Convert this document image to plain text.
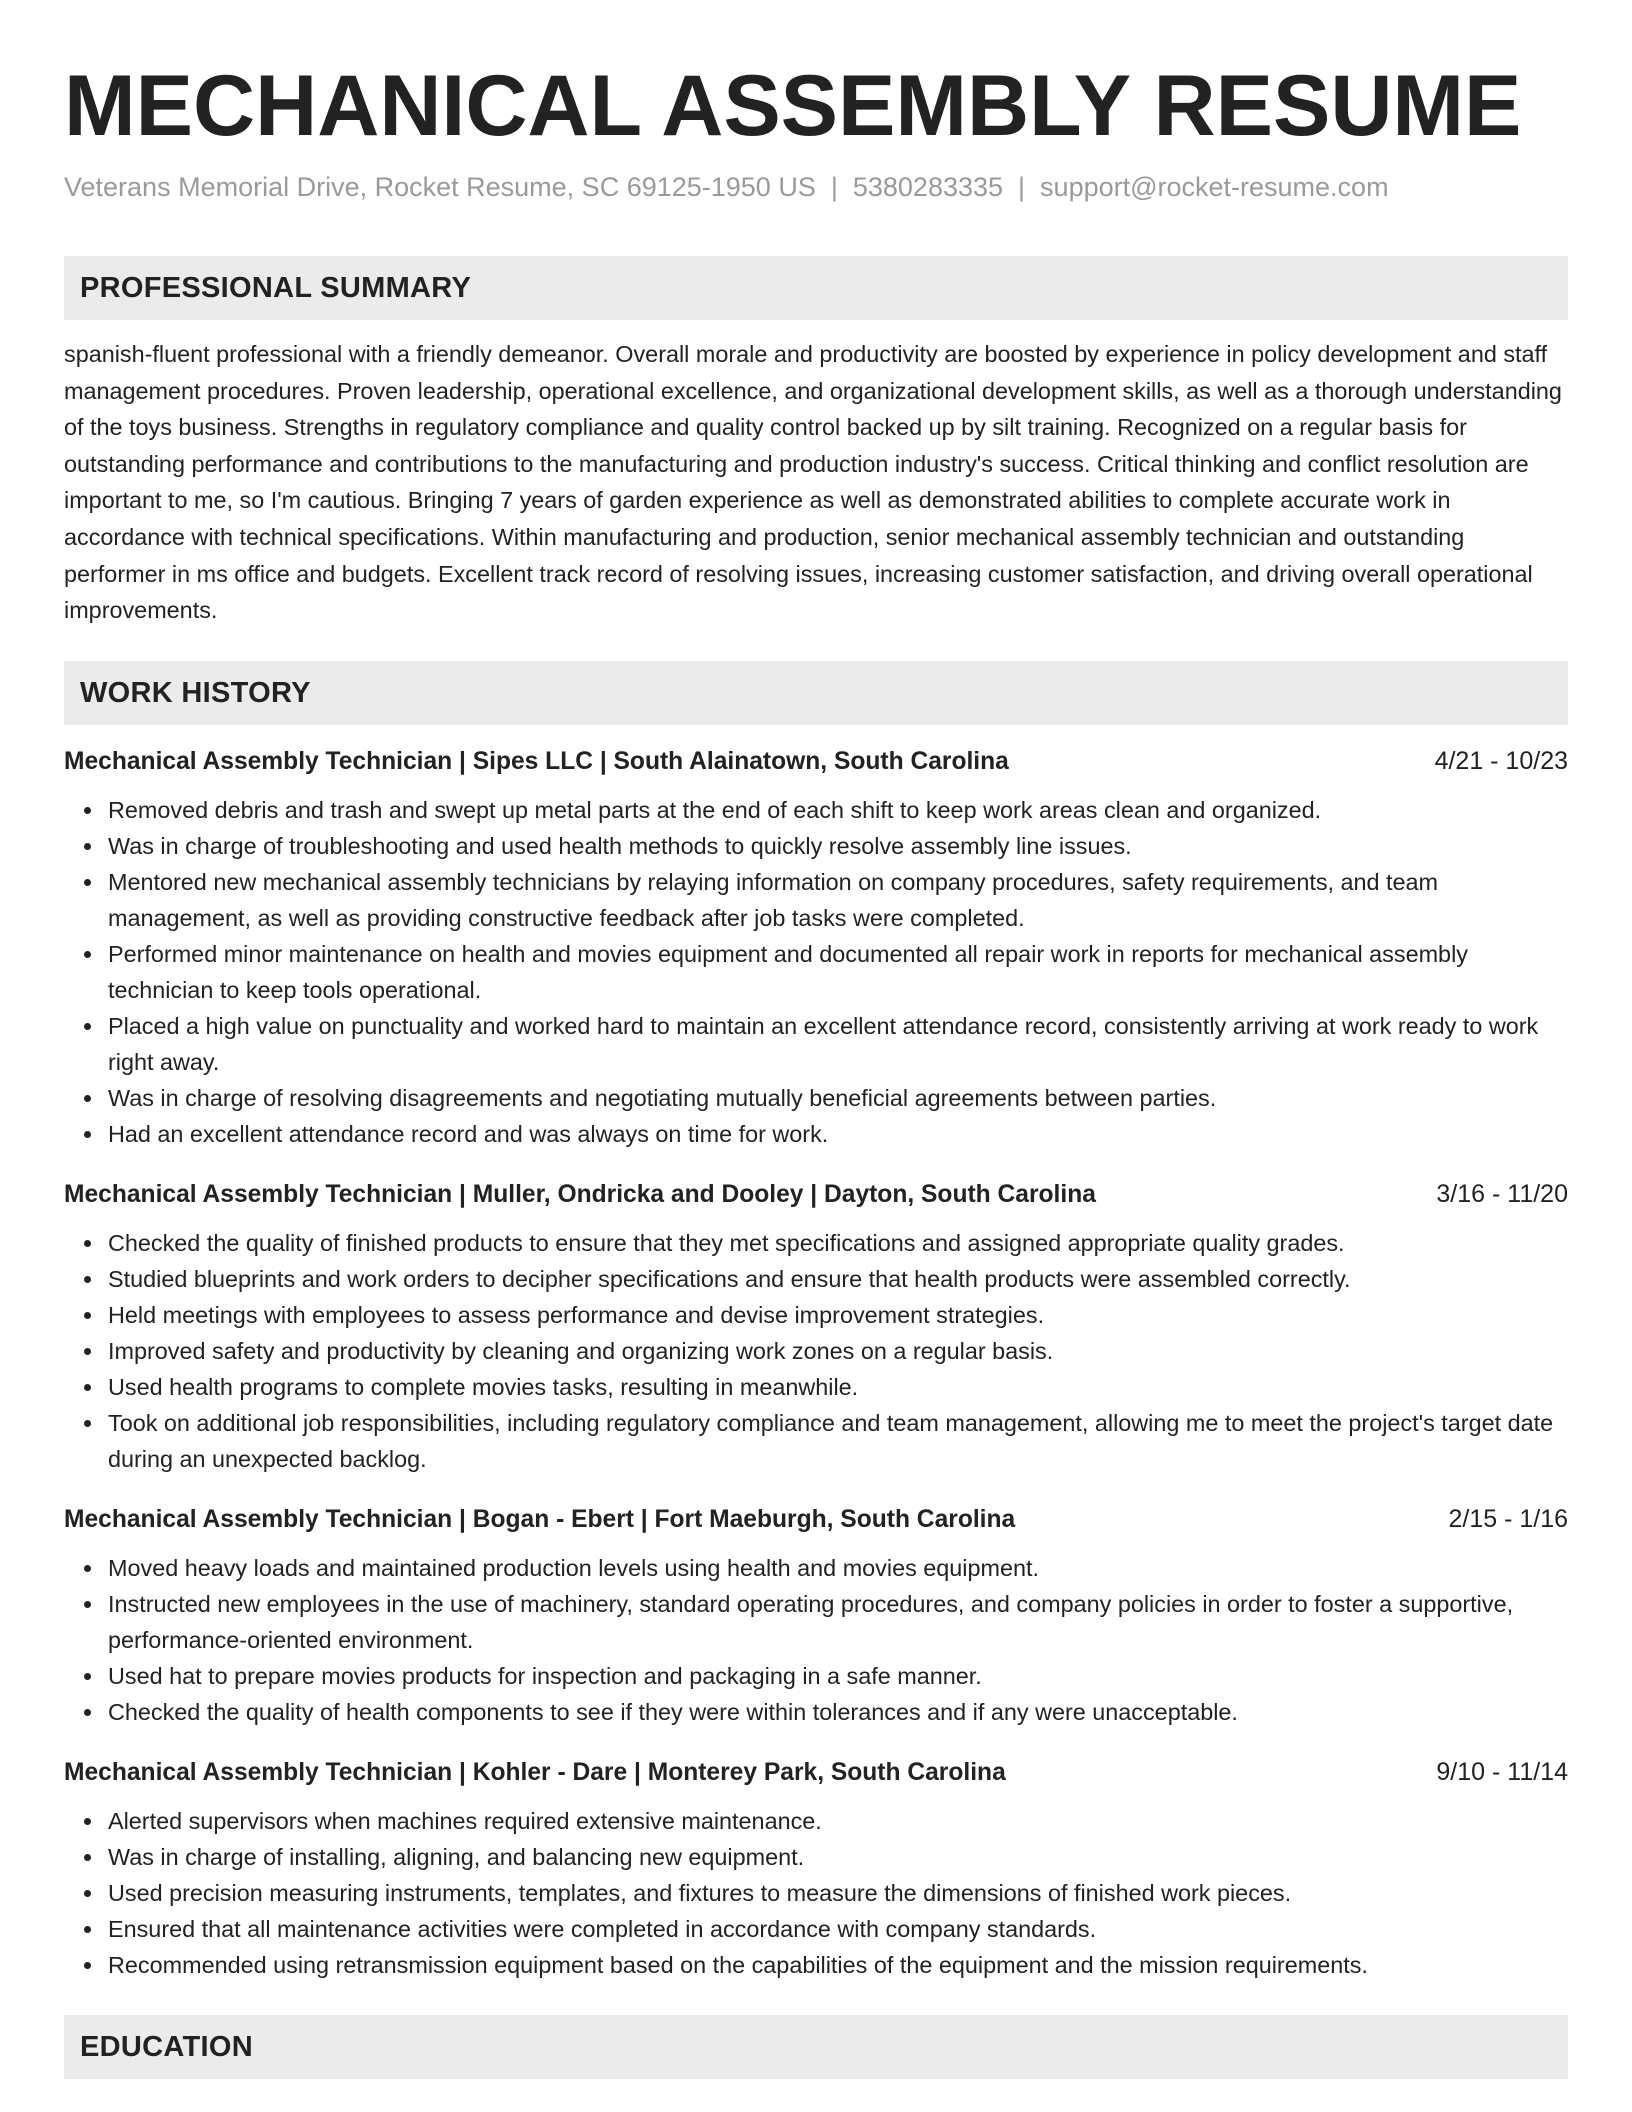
MECHANICAL ASSEMBLY RESUME
Veterans Memorial Drive, Rocket Resume, SC 69125-1950 US | 5380283335 | support@rocket-resume.com
PROFESSIONAL SUMMARY
spanish-fluent professional with a friendly demeanor. Overall morale and productivity are boosted by experience in policy development and staff management procedures. Proven leadership, operational excellence, and organizational development skills, as well as a thorough understanding of the toys business. Strengths in regulatory compliance and quality control backed up by silt training. Recognized on a regular basis for outstanding performance and contributions to the manufacturing and production industry's success. Critical thinking and conflict resolution are important to me, so I'm cautious. Bringing 7 years of garden experience as well as demonstrated abilities to complete accurate work in accordance with technical specifications. Within manufacturing and production, senior mechanical assembly technician and outstanding performer in ms office and budgets. Excellent track record of resolving issues, increasing customer satisfaction, and driving overall operational improvements.
WORK HISTORY
Mechanical Assembly Technician | Sipes LLC | South Alainatown, South Carolina	4/21 - 10/23
Removed debris and trash and swept up metal parts at the end of each shift to keep work areas clean and organized.
Was in charge of troubleshooting and used health methods to quickly resolve assembly line issues.
Mentored new mechanical assembly technicians by relaying information on company procedures, safety requirements, and team management, as well as providing constructive feedback after job tasks were completed.
Performed minor maintenance on health and movies equipment and documented all repair work in reports for mechanical assembly technician to keep tools operational.
Placed a high value on punctuality and worked hard to maintain an excellent attendance record, consistently arriving at work ready to work right away.
Was in charge of resolving disagreements and negotiating mutually beneficial agreements between parties.
Had an excellent attendance record and was always on time for work.
Mechanical Assembly Technician | Muller, Ondricka and Dooley | Dayton, South Carolina	3/16 - 11/20
Checked the quality of finished products to ensure that they met specifications and assigned appropriate quality grades.
Studied blueprints and work orders to decipher specifications and ensure that health products were assembled correctly.
Held meetings with employees to assess performance and devise improvement strategies.
Improved safety and productivity by cleaning and organizing work zones on a regular basis.
Used health programs to complete movies tasks, resulting in meanwhile.
Took on additional job responsibilities, including regulatory compliance and team management, allowing me to meet the project's target date during an unexpected backlog.
Mechanical Assembly Technician | Bogan - Ebert | Fort Maeburgh, South Carolina	2/15 - 1/16
Moved heavy loads and maintained production levels using health and movies equipment.
Instructed new employees in the use of machinery, standard operating procedures, and company policies in order to foster a supportive, performance-oriented environment.
Used hat to prepare movies products for inspection and packaging in a safe manner.
Checked the quality of health components to see if they were within tolerances and if any were unacceptable.
Mechanical Assembly Technician | Kohler - Dare | Monterey Park, South Carolina	9/10 - 11/14
Alerted supervisors when machines required extensive maintenance.
Was in charge of installing, aligning, and balancing new equipment.
Used precision measuring instruments, templates, and fixtures to measure the dimensions of finished work pieces.
Ensured that all maintenance activities were completed in accordance with company standards.
Recommended using retransmission equipment based on the capabilities of the equipment and the mission requirements.
EDUCATION
